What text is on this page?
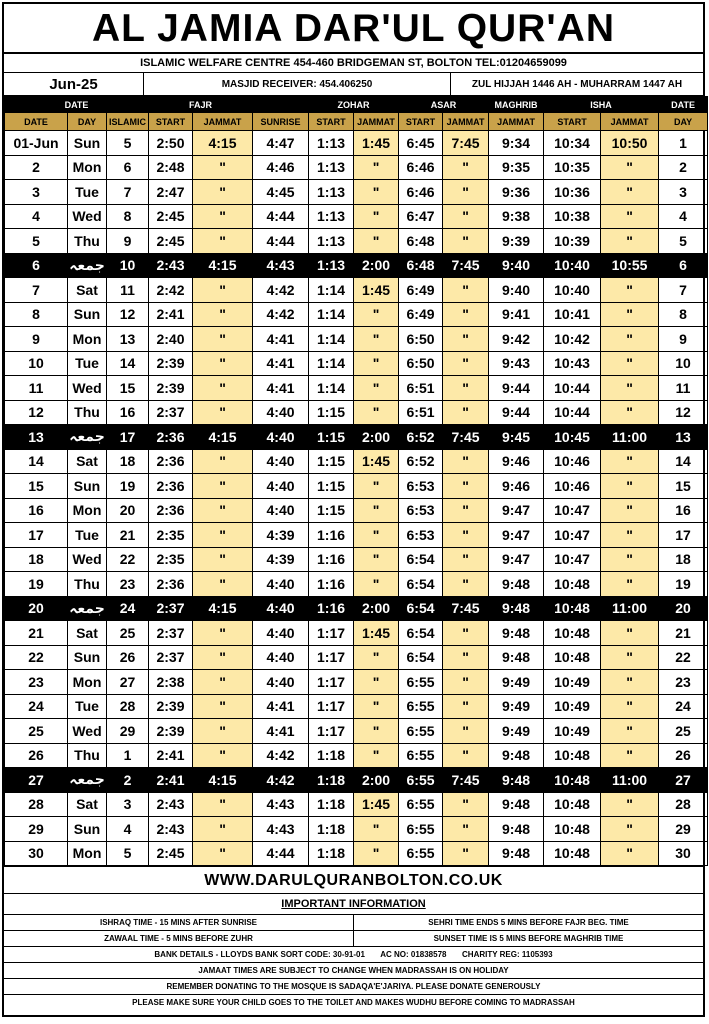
AL JAMIA DAR'UL QUR'AN
ISLAMIC WELFARE CENTRE 454-460 BRIDGEMAN ST, BOLTON TEL:01204659099
Jun-25	MASJID RECEIVER: 454.406250	ZUL HIJJAH 1446 AH - MUHARRAM 1447 AH
DATE			FAJR			ZOHAR		ASAR		MAGHRIB	ISHA		DATE
DATE	DAY	ISLAMIC	START	JAMMAT	SUNRISE	START	JAMMAT	START	JAMMAT	JAMMAT	START	JAMMAT	DAY
01-Jun	Sun	5	2:50	4:15	4:47	1:13	1:45	6:45	7:45	9:34	10:34	10:50	1
2	Mon	6	2:48	"	4:46	1:13	"	6:46	"	9:35	10:35	"	2
3	Tue	7	2:47	"	4:45	1:13	"	6:46	"	9:36	10:36	"	3
4	Wed	8	2:45	"	4:44	1:13	"	6:47	"	9:38	10:38	"	4
5	Thu	9	2:45	"	4:44	1:13	"	6:48	"	9:39	10:39	"	5
6	جمعہ	10	2:43	4:15	4:43	1:13	2:00	6:48	7:45	9:40	10:40	10:55	6
7	Sat	11	2:42	"	4:42	1:14	1:45	6:49	"	9:40	10:40	"	7
8	Sun	12	2:41	"	4:42	1:14	"	6:49	"	9:41	10:41	"	8
9	Mon	13	2:40	"	4:41	1:14	"	6:50	"	9:42	10:42	"	9
10	Tue	14	2:39	"	4:41	1:14	"	6:50	"	9:43	10:43	"	10
11	Wed	15	2:39	"	4:41	1:14	"	6:51	"	9:44	10:44	"	11
12	Thu	16	2:37	"	4:40	1:15	"	6:51	"	9:44	10:44	"	12
13	جمعہ	17	2:36	4:15	4:40	1:15	2:00	6:52	7:45	9:45	10:45	11:00	13
14	Sat	18	2:36	"	4:40	1:15	1:45	6:52	"	9:46	10:46	"	14
15	Sun	19	2:36	"	4:40	1:15	"	6:53	"	9:46	10:46	"	15
16	Mon	20	2:36	"	4:40	1:15	"	6:53	"	9:47	10:47	"	16
17	Tue	21	2:35	"	4:39	1:16	"	6:53	"	9:47	10:47	"	17
18	Wed	22	2:35	"	4:39	1:16	"	6:54	"	9:47	10:47	"	18
19	Thu	23	2:36	"	4:40	1:16	"	6:54	"	9:48	10:48	"	19
20	جمعہ	24	2:37	4:15	4:40	1:16	2:00	6:54	7:45	9:48	10:48	11:00	20
21	Sat	25	2:37	"	4:40	1:17	1:45	6:54	"	9:48	10:48	"	21
22	Sun	26	2:37	"	4:40	1:17	"	6:54	"	9:48	10:48	"	22
23	Mon	27	2:38	"	4:40	1:17	"	6:55	"	9:49	10:49	"	23
24	Tue	28	2:39	"	4:41	1:17	"	6:55	"	9:49	10:49	"	24
25	Wed	29	2:39	"	4:41	1:17	"	6:55	"	9:49	10:49	"	25
26	Thu	1	2:41	"	4:42	1:18	"	6:55	"	9:48	10:48	"	26
27	جمعہ	2	2:41	4:15	4:42	1:18	2:00	6:55	7:45	9:48	10:48	11:00	27
28	Sat	3	2:43	"	4:43	1:18	1:45	6:55	"	9:48	10:48	"	28
29	Sun	4	2:43	"	4:43	1:18	"	6:55	"	9:48	10:48	"	29
30	Mon	5	2:45	"	4:44	1:18	"	6:55	"	9:48	10:48	"	30
WWW.DARULQURANBOLTON.CO.UK
IMPORTANT INFORMATION
ISHRAQ TIME - 15 MINS AFTER SUNRISE	SEHRI TIME ENDS 5 MINS BEFORE FAJR BEG. TIME
ZAWAAL TIME - 5 MINS BEFORE ZUHR	SUNSET TIME IS 5 MINS BEFORE MAGHRIB TIME
BANK DETAILS - LLOYDS BANK SORT CODE: 30-91-01       AC NO: 01838578       CHARITY REG: 1105393
JAMAAT TIMES ARE SUBJECT TO CHANGE WHEN MADRASSAH IS ON HOLIDAY
REMEMBER DONATING TO THE MOSQUE IS SADAQA'E'JARIYA. PLEASE DONATE GENEROUSLY
PLEASE MAKE SURE YOUR CHILD GOES TO THE TOILET AND MAKES WUDHU BEFORE COMING TO MADRASSAH
